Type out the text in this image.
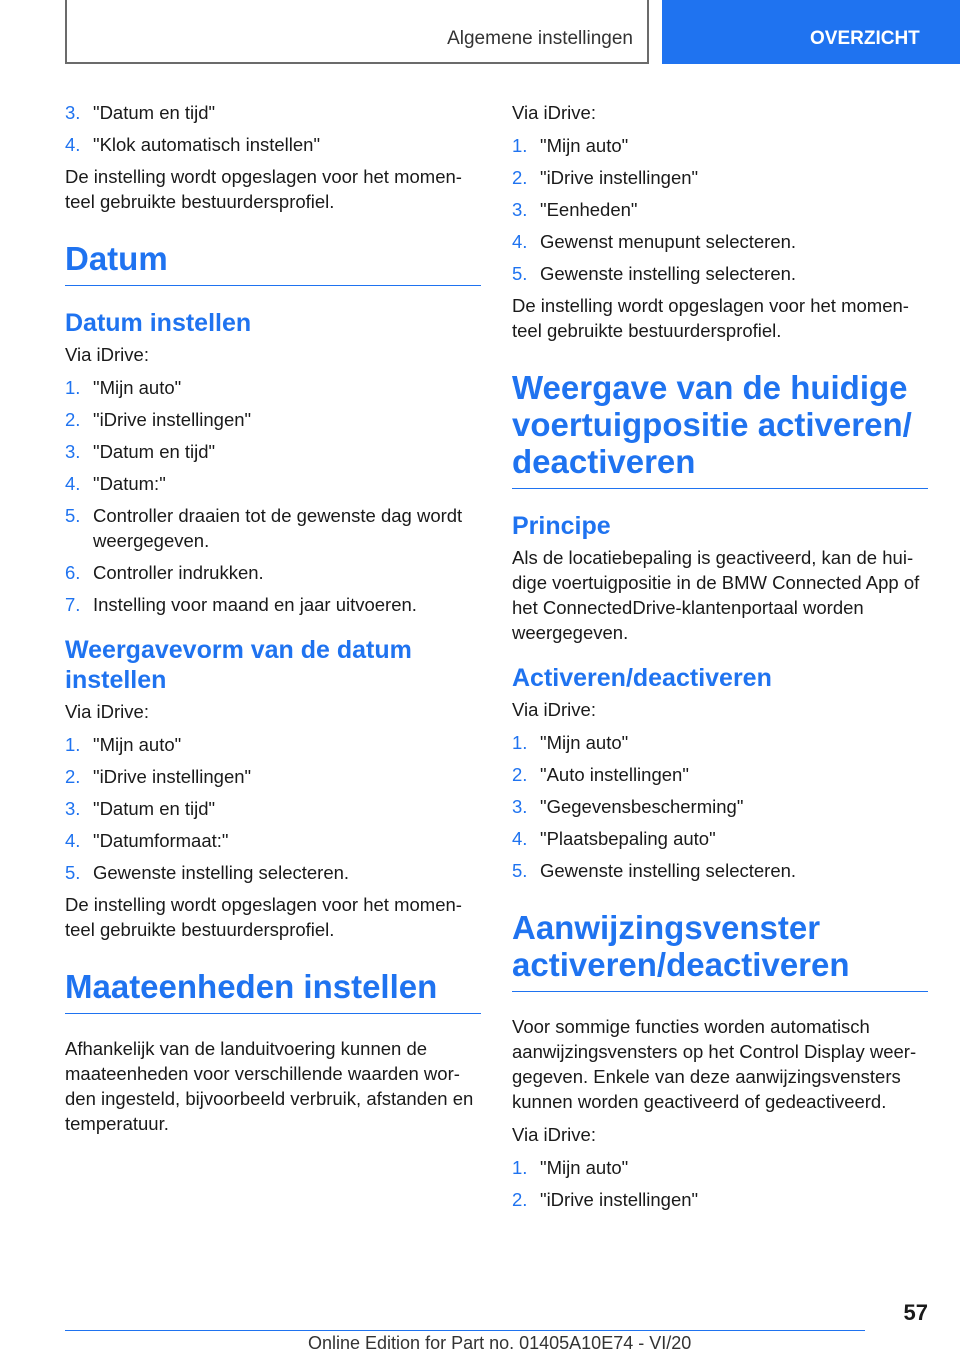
Algemene instellingen	OVERZICHT
3. "Datum en tijd"
4. "Klok automatisch instellen"

De instelling wordt opgeslagen voor het momenteel gebruikte bestuurdersprofiel.

Datum
Datum instellen

Via iDrive:

1. "Mijn auto"
2. "iDrive instellingen"
3. "Datum en tijd"
4. "Datum:"
5. Controller draaien tot de gewenste dag wordt weergegeven.
6. Controller indrukken.
7. Instelling voor maand en jaar uitvoeren.
Weergavevorm van de datum instellen

Via iDrive:

1. "Mijn auto"
2. "iDrive instellingen"
3. "Datum en tijd"
4. "Datumformaat:"
5. Gewenste instelling selecteren.

De instelling wordt opgeslagen voor het momenteel gebruikte bestuurdersprofiel.

Maateenheden instellen

Afhankelijk van de landuitvoering kunnen de maateenheden voor verschillende waarden worden ingesteld, bijvoorbeeld verbruik, afstanden en temperatuur.

Via iDrive:

1. "Mijn auto"
2. "iDrive instellingen"
3. "Eenheden"
4. Gewenst menupunt selecteren.
5. Gewenste instelling selecteren.

De instelling wordt opgeslagen voor het momenteel gebruikte bestuurdersprofiel.

Weergave van de huidige voertuigpositie activeren/ deactiveren
Principe

Als de locatiebepaling is geactiveerd, kan de huidige voertuigpositie in de BMW Connected App of het ConnectedDrive-klantenportaal worden weergegeven.

Activeren/deactiveren

Via iDrive:

1. "Mijn auto"
2. "Auto instellingen"
3. "Gegevensbescherming"
4. "Plaatsbepaling auto"
5. Gewenste instelling selecteren.
Aanwijzingsvenster activeren/deactiveren

Voor sommige functies worden automatisch aanwijzingsvensters op het Control Display weergegeven. Enkele van deze aanwijzingsvensters kunnen worden geactiveerd of gedeactiveerd.

Via iDrive:

1. "Mijn auto"
2. "iDrive instellingen"
57
Online Edition for Part no. 01405A10E74 - VI/20
